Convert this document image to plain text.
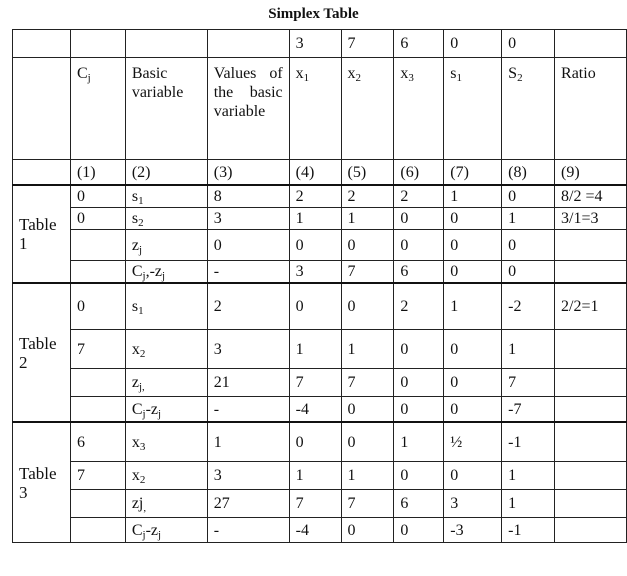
Simplex Table
				3	7	6	0	0	
	$C_j$	Basic variable	Values of the basic variable	$x_1$	$x_2$	$x_3$	$s_1$	$S_2$	Ratio
	(1)	(2)	(3)	(4)	(5)	(6)	(7)	(8)	(9)
Table 1	0	$s_1$	8	2	2	2	1	0	8/2 =4
	0	$s_2$	3	1	1	0	0	1	3/1=3
		$z_j$	0	0	0	0	0	0	
		$C_j,-z_j$	-	3	7	6	0	0	
Table 2	0	$s_1$	2	0	0	2	1	-2	2/2=1
	7	$x_2$	3	1	1	0	0	1	
		$z_{j,}$	21	7	7	0	0	7	
		$C_j-z_j$	-	-4	0	0	0	-7	
Table 3	6	$x_3$	1	0	0	1	½	-1	
	7	$x_2$	3	1	1	0	0	1	
		$zj_,$	27	7	7	6	3	1	
		$C_j-z_j$	-	-4	0	0	-3	-1	
